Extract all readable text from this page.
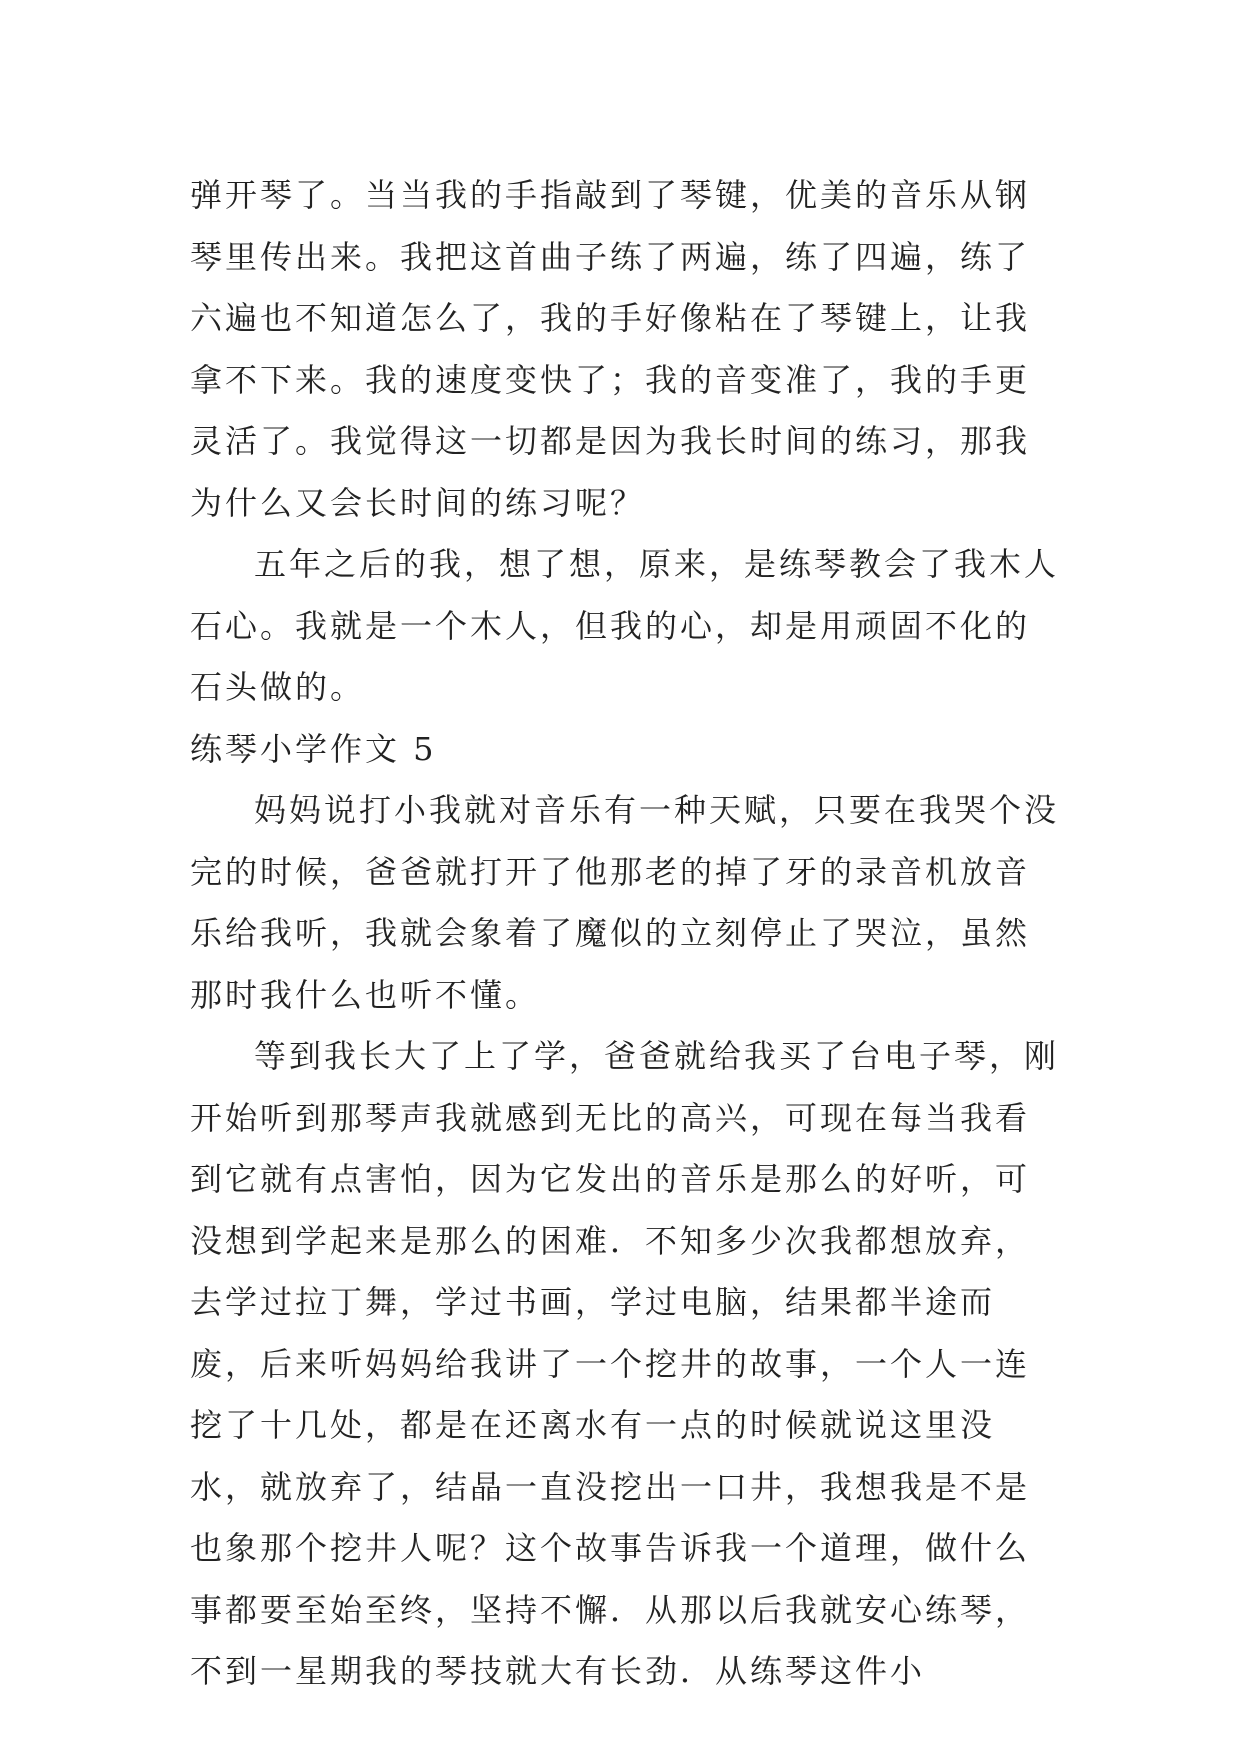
弹开琴了。当当我的手指敲到了琴键，优美的音乐从钢琴里传出来。我把这首曲子练了两遍，练了四遍，练了六遍也不知道怎么了，我的手好像粘在了琴键上，让我拿不下来。我的速度变快了；我的音变准了，我的手更灵活了。我觉得这一切都是因为我长时间的练习，那我为什么又会长时间的练习呢？

五年之后的我，想了想，原来，是练琴教会了我木人石心。我就是一个木人，但我的心，却是用顽固不化的石头做的。

练琴小学作文 5

妈妈说打小我就对音乐有一种天赋，只要在我哭个没完的时候，爸爸就打开了他那老的掉了牙的录音机放音乐给我听，我就会象着了魔似的立刻停止了哭泣，虽然那时我什么也听不懂。

等到我长大了上了学，爸爸就给我买了台电子琴，刚开始听到那琴声我就感到无比的高兴，可现在每当我看到它就有点害怕，因为它发出的音乐是那么的好听，可没想到学起来是那么的困难．不知多少次我都想放弃，去学过拉丁舞，学过书画，学过电脑，结果都半途而废，后来听妈妈给我讲了一个挖井的故事，一个人一连挖了十几处，都是在还离水有一点的时候就说这里没水，就放弃了，结晶一直没挖出一口井，我想我是不是也象那个挖井人呢？这个故事告诉我一个道理，做什么事都要至始至终，坚持不懈．从那以后我就安心练琴，不到一星期我的琴技就大有长劲．从练琴这件小
